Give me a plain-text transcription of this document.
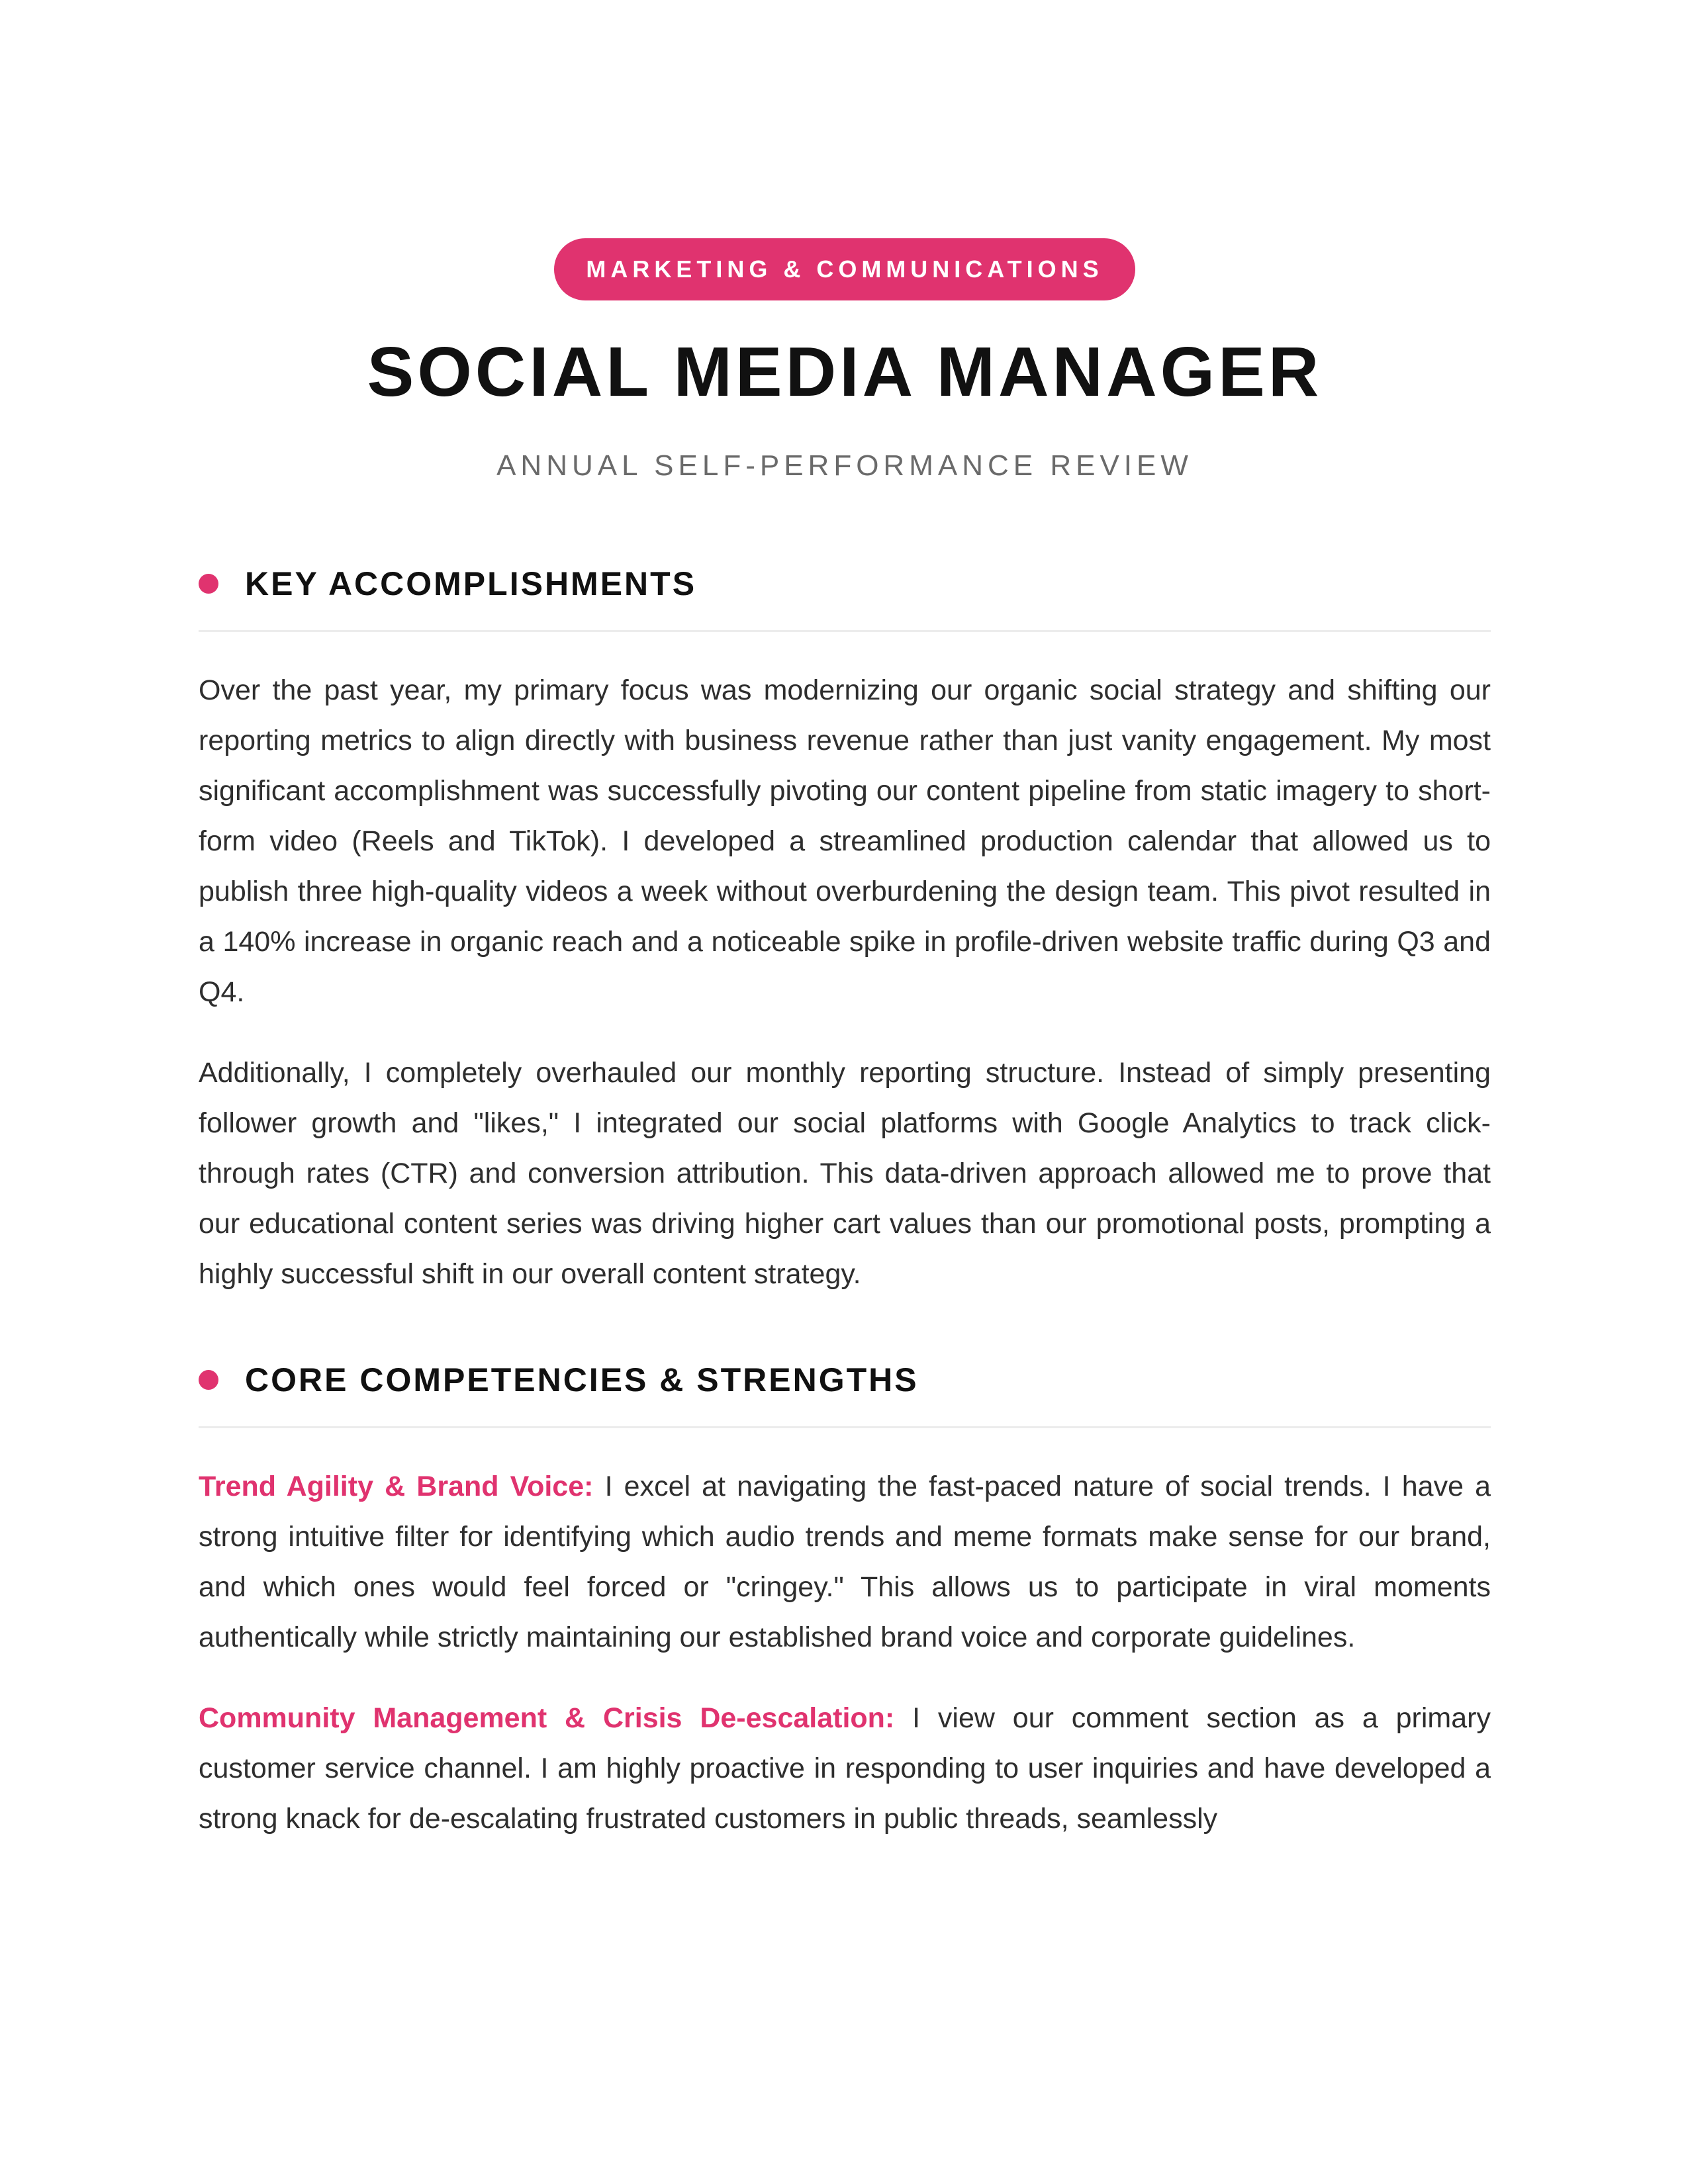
MARKETING & COMMUNICATIONS
SOCIAL MEDIA MANAGER
ANNUAL SELF-PERFORMANCE REVIEW
KEY ACCOMPLISHMENTS

Over the past year, my primary focus was modernizing our organic social strategy and shifting our reporting metrics to align directly with business revenue rather than just vanity engagement. My most significant accomplishment was successfully pivoting our content pipeline from static imagery to short-form video (Reels and TikTok). I developed a streamlined production calendar that allowed us to publish three high-quality videos a week without overburdening the design team. This pivot resulted in a 140% increase in organic reach and a noticeable spike in profile-driven website traffic during Q3 and Q4.

Additionally, I completely overhauled our monthly reporting structure. Instead of simply presenting follower growth and "likes," I integrated our social platforms with Google Analytics to track click-through rates (CTR) and conversion attribution. This data-driven approach allowed me to prove that our educational content series was driving higher cart values than our promotional posts, prompting a highly successful shift in our overall content strategy.

CORE COMPETENCIES & STRENGTHS

Trend Agility & Brand Voice: I excel at navigating the fast-paced nature of social trends. I have a strong intuitive filter for identifying which audio trends and meme formats make sense for our brand, and which ones would feel forced or "cringey." This allows us to participate in viral moments authentically while strictly maintaining our established brand voice and corporate guidelines.

Community Management & Crisis De-escalation: I view our comment section as a primary customer service channel. I am highly proactive in responding to user inquiries and have developed a strong knack for de-escalating frustrated customers in public threads, seamlessly
